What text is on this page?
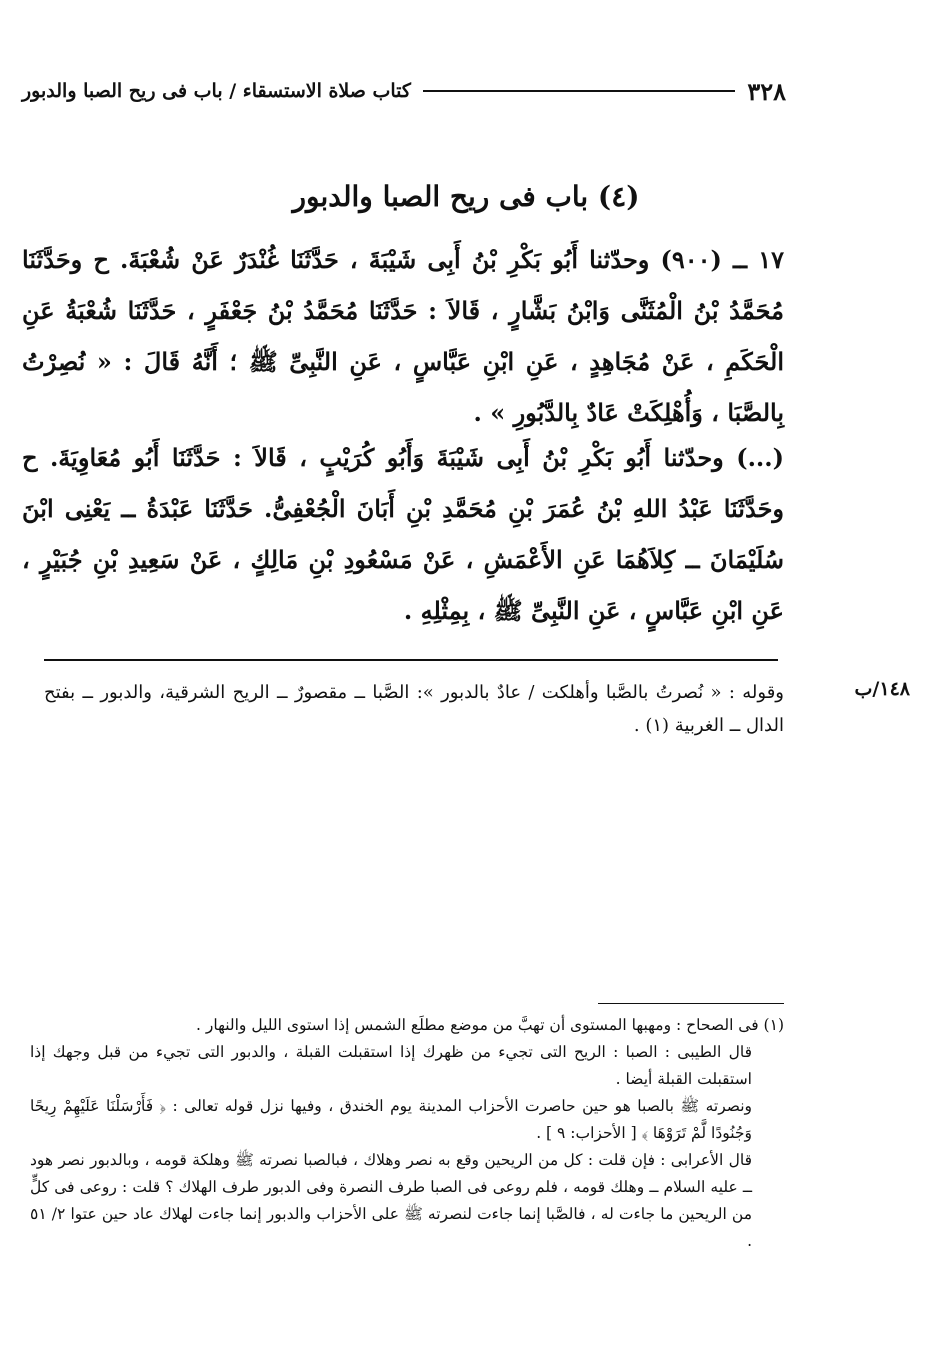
٣٢٨
كتاب صلاة الاستسقاء / باب فى ريح الصبا والدبور
(٤) باب فى ريح الصبا والدبور

١٧ ــ (٩٠٠) وحدّثنا أَبُو بَكْرِ بْنُ أَبِى شَيْبَةَ ، حَدَّثَنَا غُنْدَرٌ عَنْ شُعْبَةَ. ح وحَدَّثَنَا مُحَمَّدُ بْنُ الْمُثَنَّى وَابْنُ بَشَّارٍ ، قَالاَ : حَدَّثَنَا مُحَمَّدُ بْنُ جَعْفَرٍ ، حَدَّثَنَا شُعْبَةُ عَنِ الْحَكَمِ ، عَنْ مُجَاهِدٍ ، عَنِ ابْنِ عَبَّاسٍ ، عَنِ النَّبِىِّ ﷺ ؛ أَنَّهُ قَالَ : « نُصِرْتُ بِالصَّبَا ، وَأُهْلِكَتْ عَادٌ بِالدَّبُورِ » .

(...) وحدّثنا أَبُو بَكْرِ بْنُ أَبِى شَيْبَةَ وَأَبُو كُرَيْبٍ ، قَالاَ : حَدَّثَنَا أَبُو مُعَاوِيَةَ. ح وحَدَّثَنَا عَبْدُ اللهِ بْنُ عُمَرَ بْنِ مُحَمَّدِ بْنِ أَبَانَ الْجُعْفِىُّ. حَدَّثَنَا عَبْدَةُ ــ يَعْنِى ابْنَ سُلَيْمَانَ ــ كِلاَهُمَا عَنِ الأَعْمَشِ ، عَنْ مَسْعُودِ بْنِ مَالِكٍ ، عَنْ سَعِيدِ بْنِ جُبَيْرٍ ، عَنِ ابْنِ عَبَّاسٍ ، عَنِ النَّبِىِّ ﷺ ، بِمِثْلِهِ .

١٤٨/ب

وقوله : « نُصرتُ بالصَّبا وأهلكت / عادٌ بالدبور »: الصَّبا ــ مقصورٌ ــ الريح الشرقية، والدبور ــ بفتح الدال ــ الغربية (١) .

(١) فى الصحاح : ومهبها المستوى أن تهبَّ من موضع مطلَع الشمس إذا استوى الليل والنهار .

قال الطيبى : الصبا : الريح التى تجيء من ظهرك إذا استقبلت القبلة ، والدبور التى تجيء من قبل وجهك إذا استقبلت القبلة أيضا .

ونصرته ﷺ بالصبا هو حين حاصرت الأحزاب المدينة يوم الخندق ، وفيها نزل قوله تعالى : ﴿ فَأَرْسَلْنَا عَلَيْهِمْ رِيحًا وَجُنُودًا لَّمْ تَرَوْهَا ﴾ [ الأحزاب: ٩ ] .

قال الأعرابى : فإن قلت : كل من الريحين وقع به نصر وهلاك ، فبالصبا نصرته ﷺ وهلكة قومه ، وبالدبور نصر هود ــ عليه السلام ــ وهلك قومه ، فلم روعى فى الصبا طرف النصرة وفى الدبور طرف الهلاك ؟ قلت : روعى فى كلٍّ من الريحين ما جاءت له ، فالصَّبا إنما جاءت لنصرته ﷺ على الأحزاب والدبور إنما جاءت لهلاك عاد حين عتوا ٢/ ٥١ .
